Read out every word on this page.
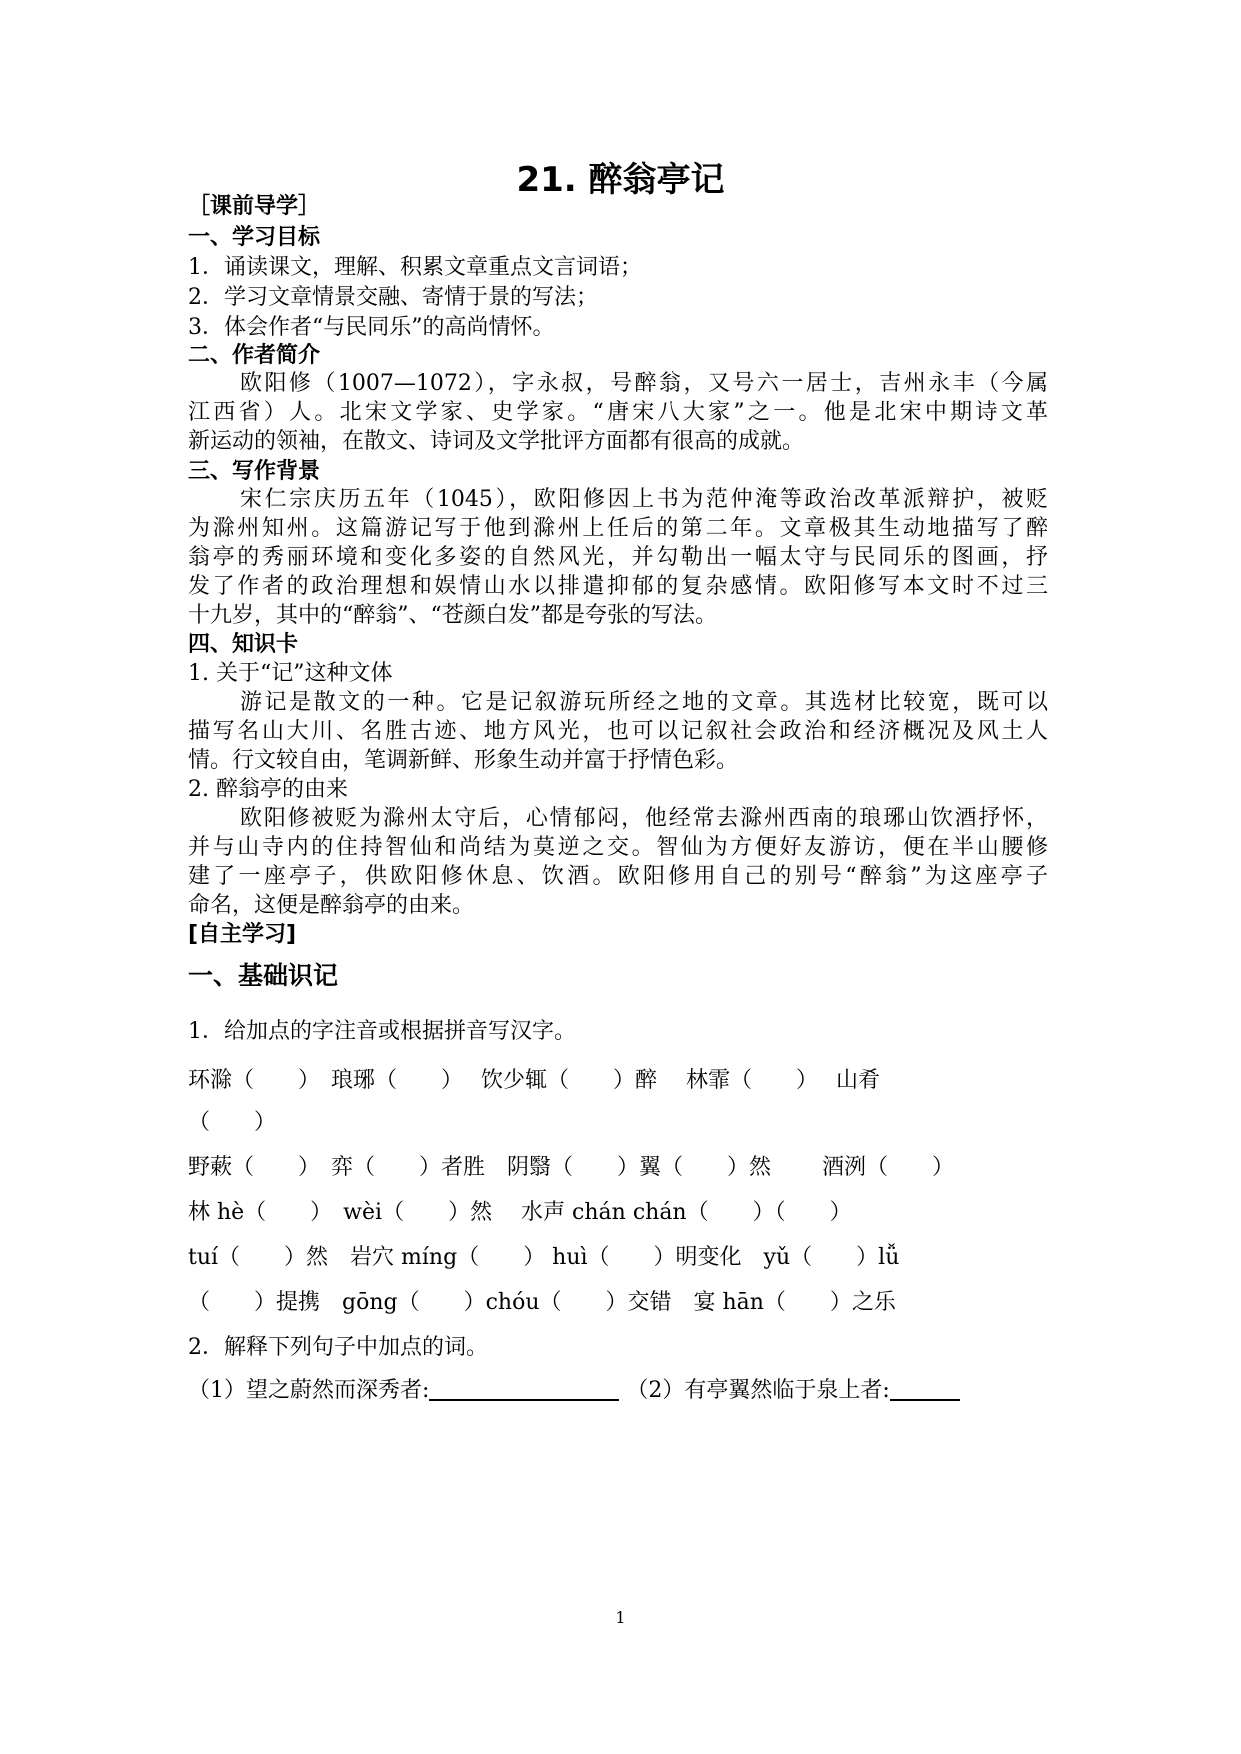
21. 醉翁亭记
［课前导学］
一、学习目标
1．诵读课文，理解、积累文章重点文言词语；
2．学习文章情景交融、寄情于景的写法；
3．体会作者“与民同乐”的高尚情怀。
二、作者简介
欧阳修（1007—1072），字永叔，号醉翁，又号六一居士，吉州永丰（今属
江西省）人。北宋文学家、史学家。“唐宋八大家”之一。他是北宋中期诗文革
新运动的领袖，在散文、诗词及文学批评方面都有很高的成就。
三、写作背景
宋仁宗庆历五年（1045），欧阳修因上书为范仲淹等政治改革派辩护，被贬
为滁州知州。这篇游记写于他到滁州上任后的第二年。文章极其生动地描写了醉
翁亭的秀丽环境和变化多姿的自然风光，并勾勒出一幅太守与民同乐的图画，抒
发了作者的政治理想和娱情山水以排遣抑郁的复杂感情。欧阳修写本文时不过三
十九岁，其中的“醉翁”、“苍颜白发”都是夸张的写法。
四、知识卡
1. 关于“记”这种文体
游记是散文的一种。它是记叙游玩所经之地的文章。其选材比较宽，既可以
描写名山大川、名胜古迹、地方风光，也可以记叙社会政治和经济概况及风土人
情。行文较自由，笔调新鲜、形象生动并富于抒情色彩。
2. 醉翁亭的由来
欧阳修被贬为滁州太守后，心情郁闷，他经常去滁州西南的琅琊山饮酒抒怀，
并与山寺内的住持智仙和尚结为莫逆之交。智仙为方便好友游访，便在半山腰修
建了一座亭子，供欧阳修休息、饮酒。欧阳修用自己的别号“醉翁”为这座亭子
命名，这便是醉翁亭的由来。
[自主学习]
一、基础识记
1．给加点的字注音或根据拼音写汉字。
环滁（　　）　琅琊（　　）　 饮少辄（　　）醉　 林霏（　　）　 山肴
（　　）
野蔌（　　）　弈（　　）者胜　阴翳（　　）翼（　　）然　　 酒洌（　　）
林 hè（　　）　wèi（　　）然　 水声 chán chán（　　）（　　）
tuí（　　）然　岩穴 míng（　　） huì（　　）明变化　yǔ（　　）lǚ
（　　）提携　gōng（　　）chóu（　　）交错　宴 hān（　　）之乐
2．解释下列句子中加点的词。
（1）望之蔚然而深秀者:	（2）有亭翼然临于泉上者:
1
